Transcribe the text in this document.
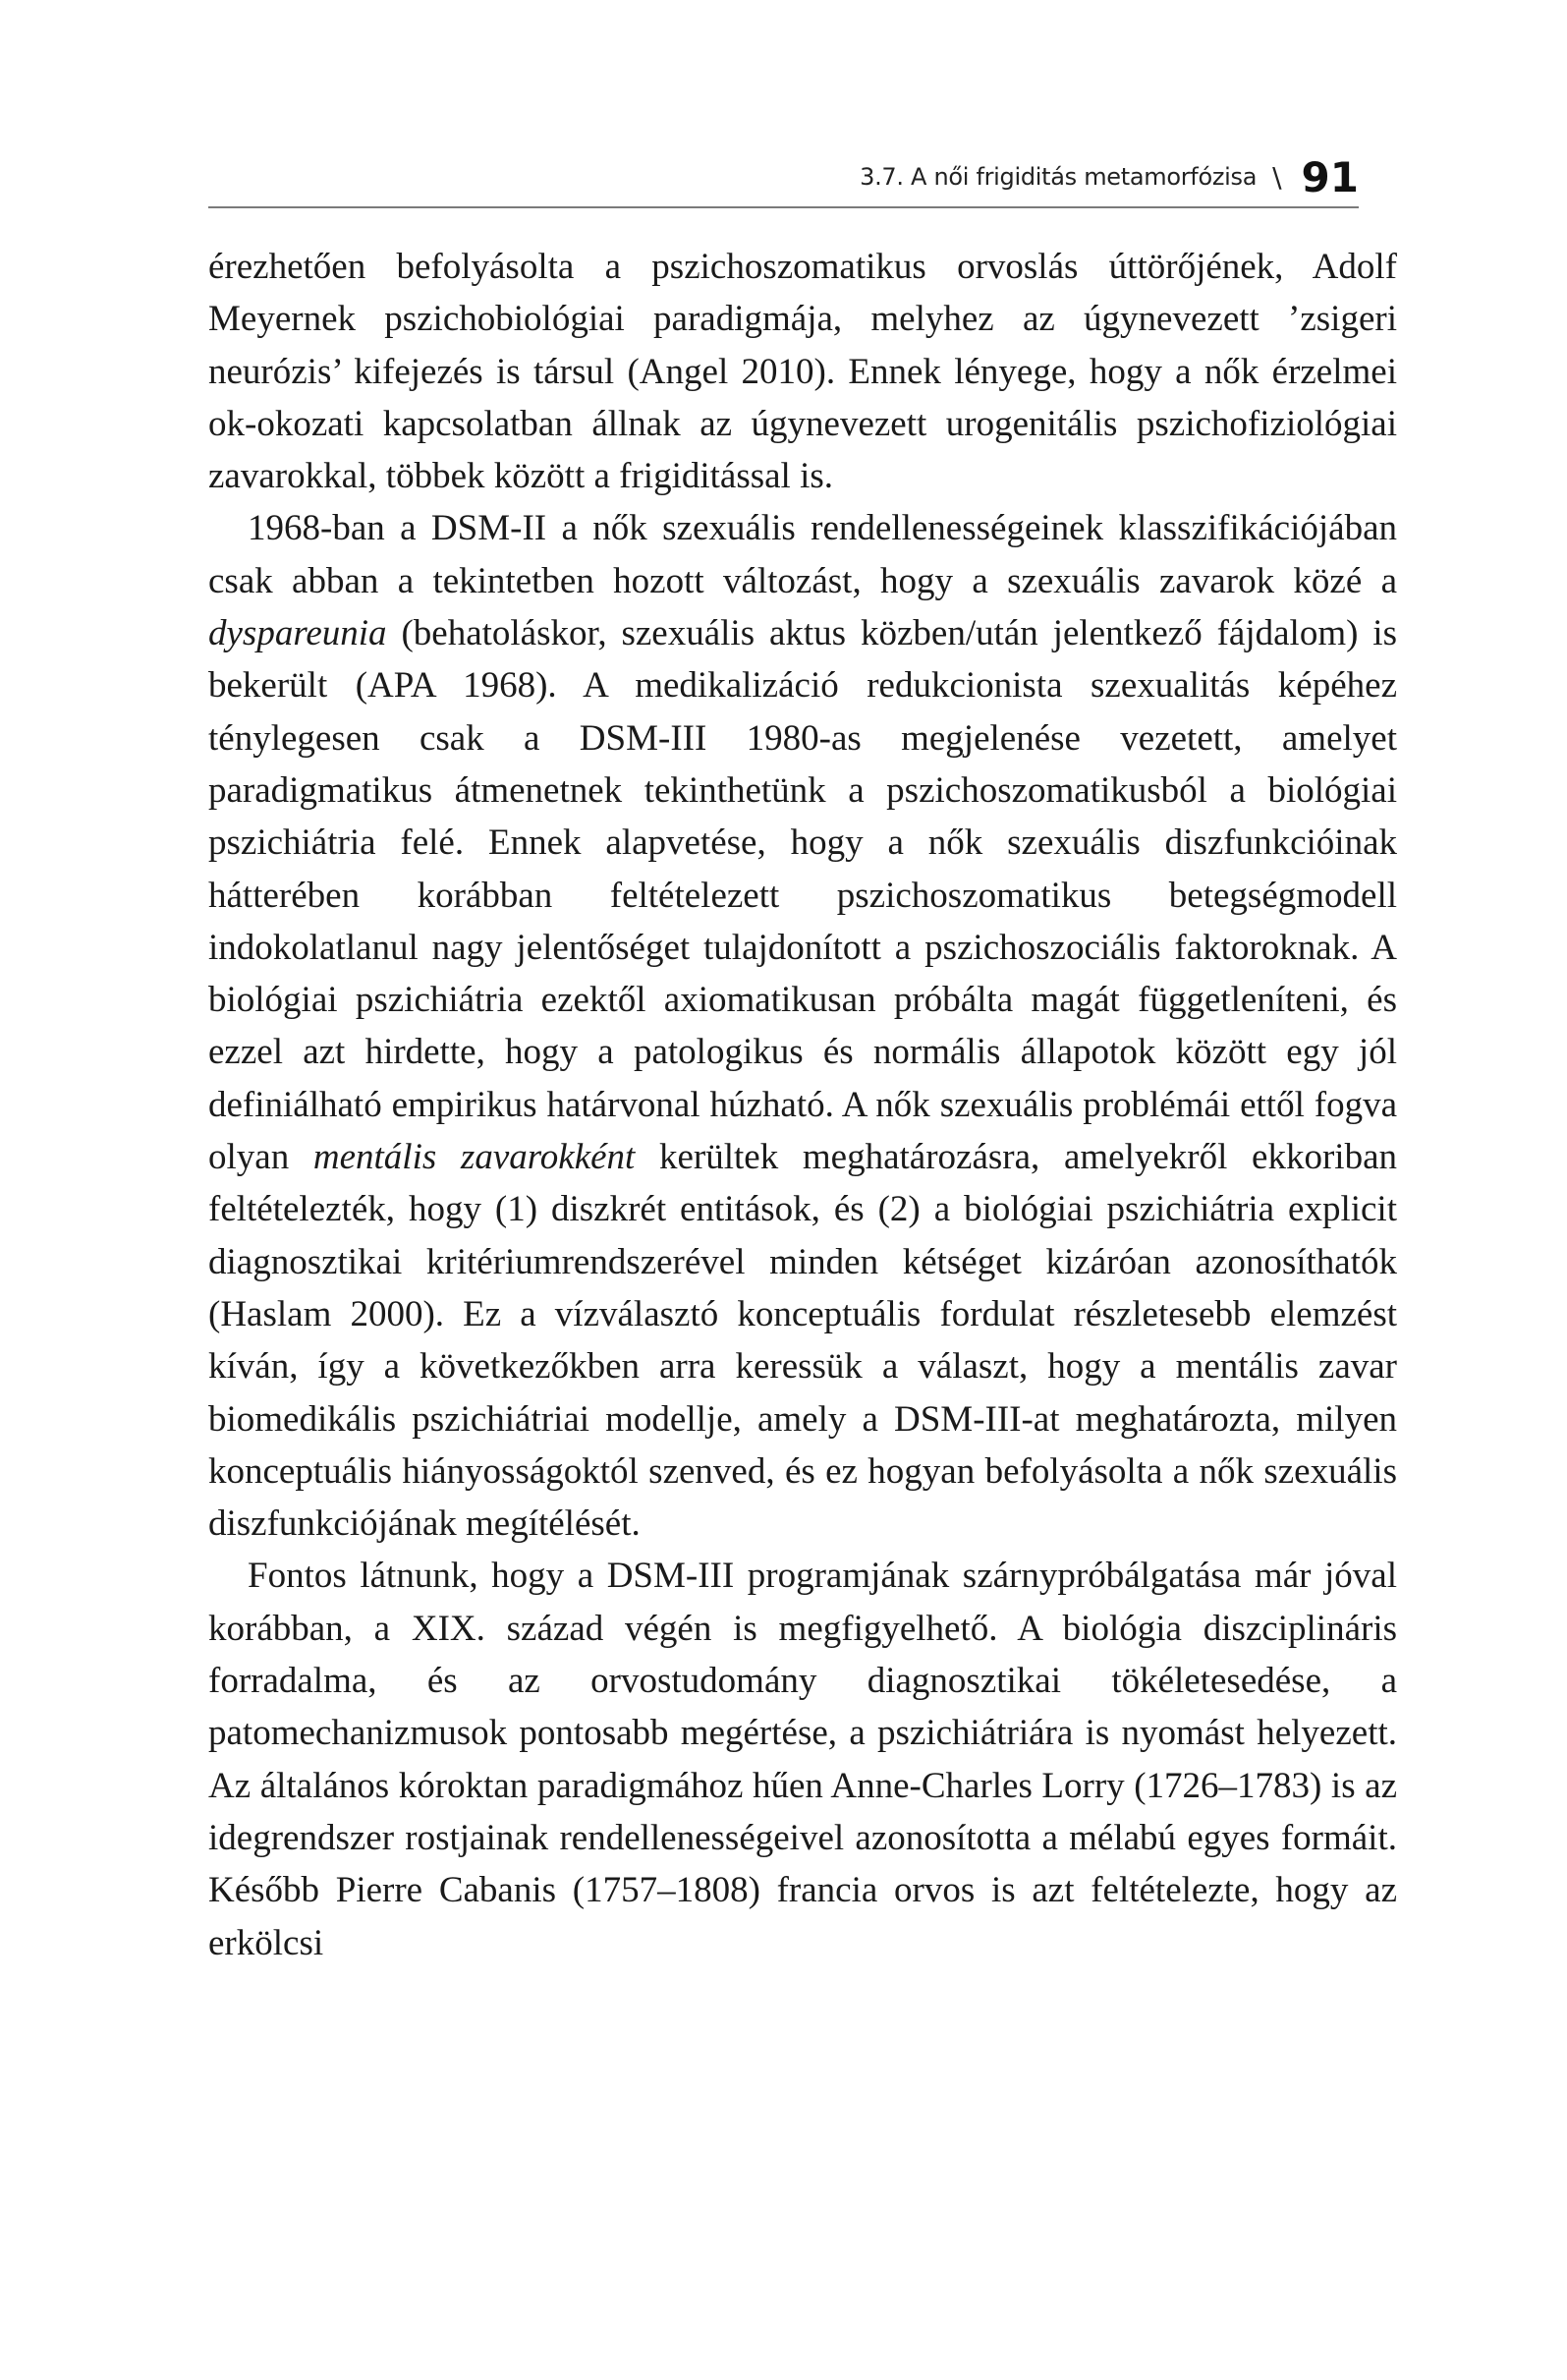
3.7. A női frigiditás metamorfózisa \ 91

érezhetően befolyásolta a pszichoszomatikus orvoslás úttörőjének, Adolf Meyernek pszichobiológiai paradigmája, melyhez az úgynevezett ’zsigeri neurózis’ kifejezés is társul (Angel 2010). Ennek lényege, hogy a nők érzelmei ok-okozati kapcsolatban állnak az úgynevezett urogenitális pszichofiziológiai zavarokkal, többek között a frigiditással is.

1968-ban a DSM-II a nők szexuális rendellenességeinek klasszifikációjában csak abban a tekintetben hozott változást, hogy a szexuális zavarok közé a dyspareunia (behatoláskor, szexuális aktus közben/után jelentkező fájdalom) is bekerült (APA 1968). A medikalizáció redukcionista szexualitás képéhez ténylegesen csak a DSM-III 1980-as megjelenése vezetett, amelyet paradigmatikus átmenetnek tekinthetünk a pszichoszomatikusból a biológiai pszichiátria felé. Ennek alapvetése, hogy a nők szexuális diszfunkcióinak hátterében korábban feltételezett pszichoszomatikus betegségmodell indokolatlanul nagy jelentőséget tulajdonított a pszichoszociális faktoroknak. A biológiai pszichiátria ezektől axiomatikusan próbálta magát függetleníteni, és ezzel azt hirdette, hogy a patologikus és normális állapotok között egy jól definiálható empirikus határvonal húzható. A nők szexuális problémái ettől fogva olyan mentális zavarokként kerültek meghatározásra, amelyekről ekkoriban feltételezték, hogy (1) diszkrét entitások, és (2) a biológiai pszichiátria explicit diagnosztikai kritériumrendszerével minden kétséget kizáróan azonosíthatók (Haslam 2000). Ez a vízválasztó konceptuális fordulat részletesebb elemzést kíván, így a következőkben arra keressük a választ, hogy a mentális zavar biomedikális pszichiátriai modellje, amely a DSM-III-at meghatározta, milyen konceptuális hiányosságoktól szenved, és ez hogyan befolyásolta a nők szexuális diszfunkciójának megítélését.

Fontos látnunk, hogy a DSM-III programjának szárnypróbálgatása már jóval korábban, a XIX. század végén is megfigyelhető. A biológia diszciplináris forradalma, és az orvostudomány diagnosztikai tökéletesedése, a patomechanizmusok pontosabb megértése, a pszichiátriára is nyomást helyezett. Az általános kóroktan paradigmához hűen Anne-Charles Lorry (1726–1783) is az idegrendszer rostjainak rendellenességeivel azonosította a mélabú egyes formáit. Később Pierre Cabanis (1757–1808) francia orvos is azt feltételezte, hogy az erkölcsi
